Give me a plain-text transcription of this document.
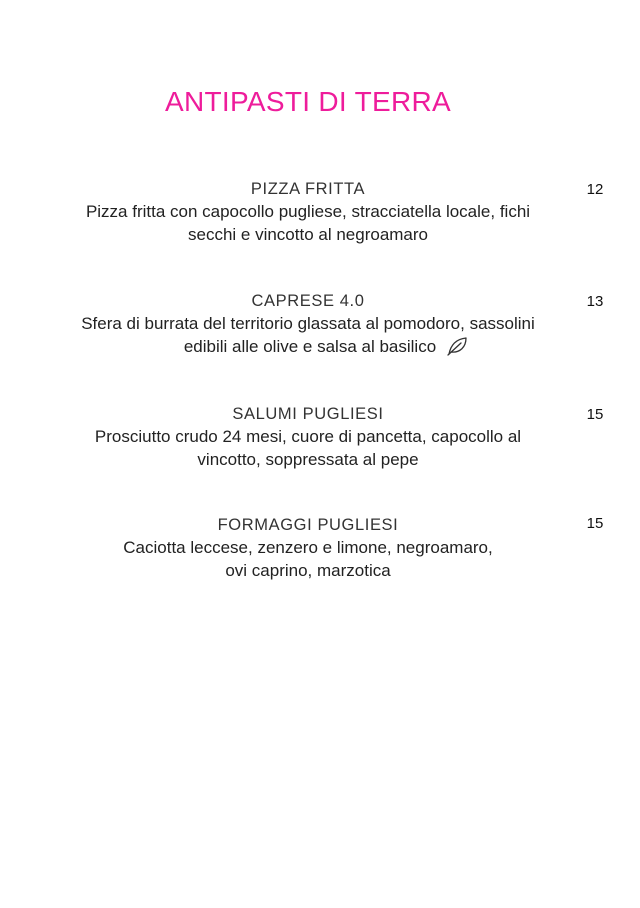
ANTIPASTI DI TERRA
PIZZA FRITTA
Pizza fritta con capocollo pugliese, stracciatella locale, fichi
secchi e vincotto al negroamaro
12
CAPRESE 4.0
Sfera di burrata del territorio glassata al pomodoro, sassolini
edibili alle olive e salsa al basilico
13
SALUMI PUGLIESI
Prosciutto crudo 24 mesi, cuore di pancetta, capocollo al
vincotto, soppressata al pepe
15
FORMAGGI PUGLIESI
Caciotta leccese, zenzero e limone, negroamaro,
ovi caprino, marzotica
15
